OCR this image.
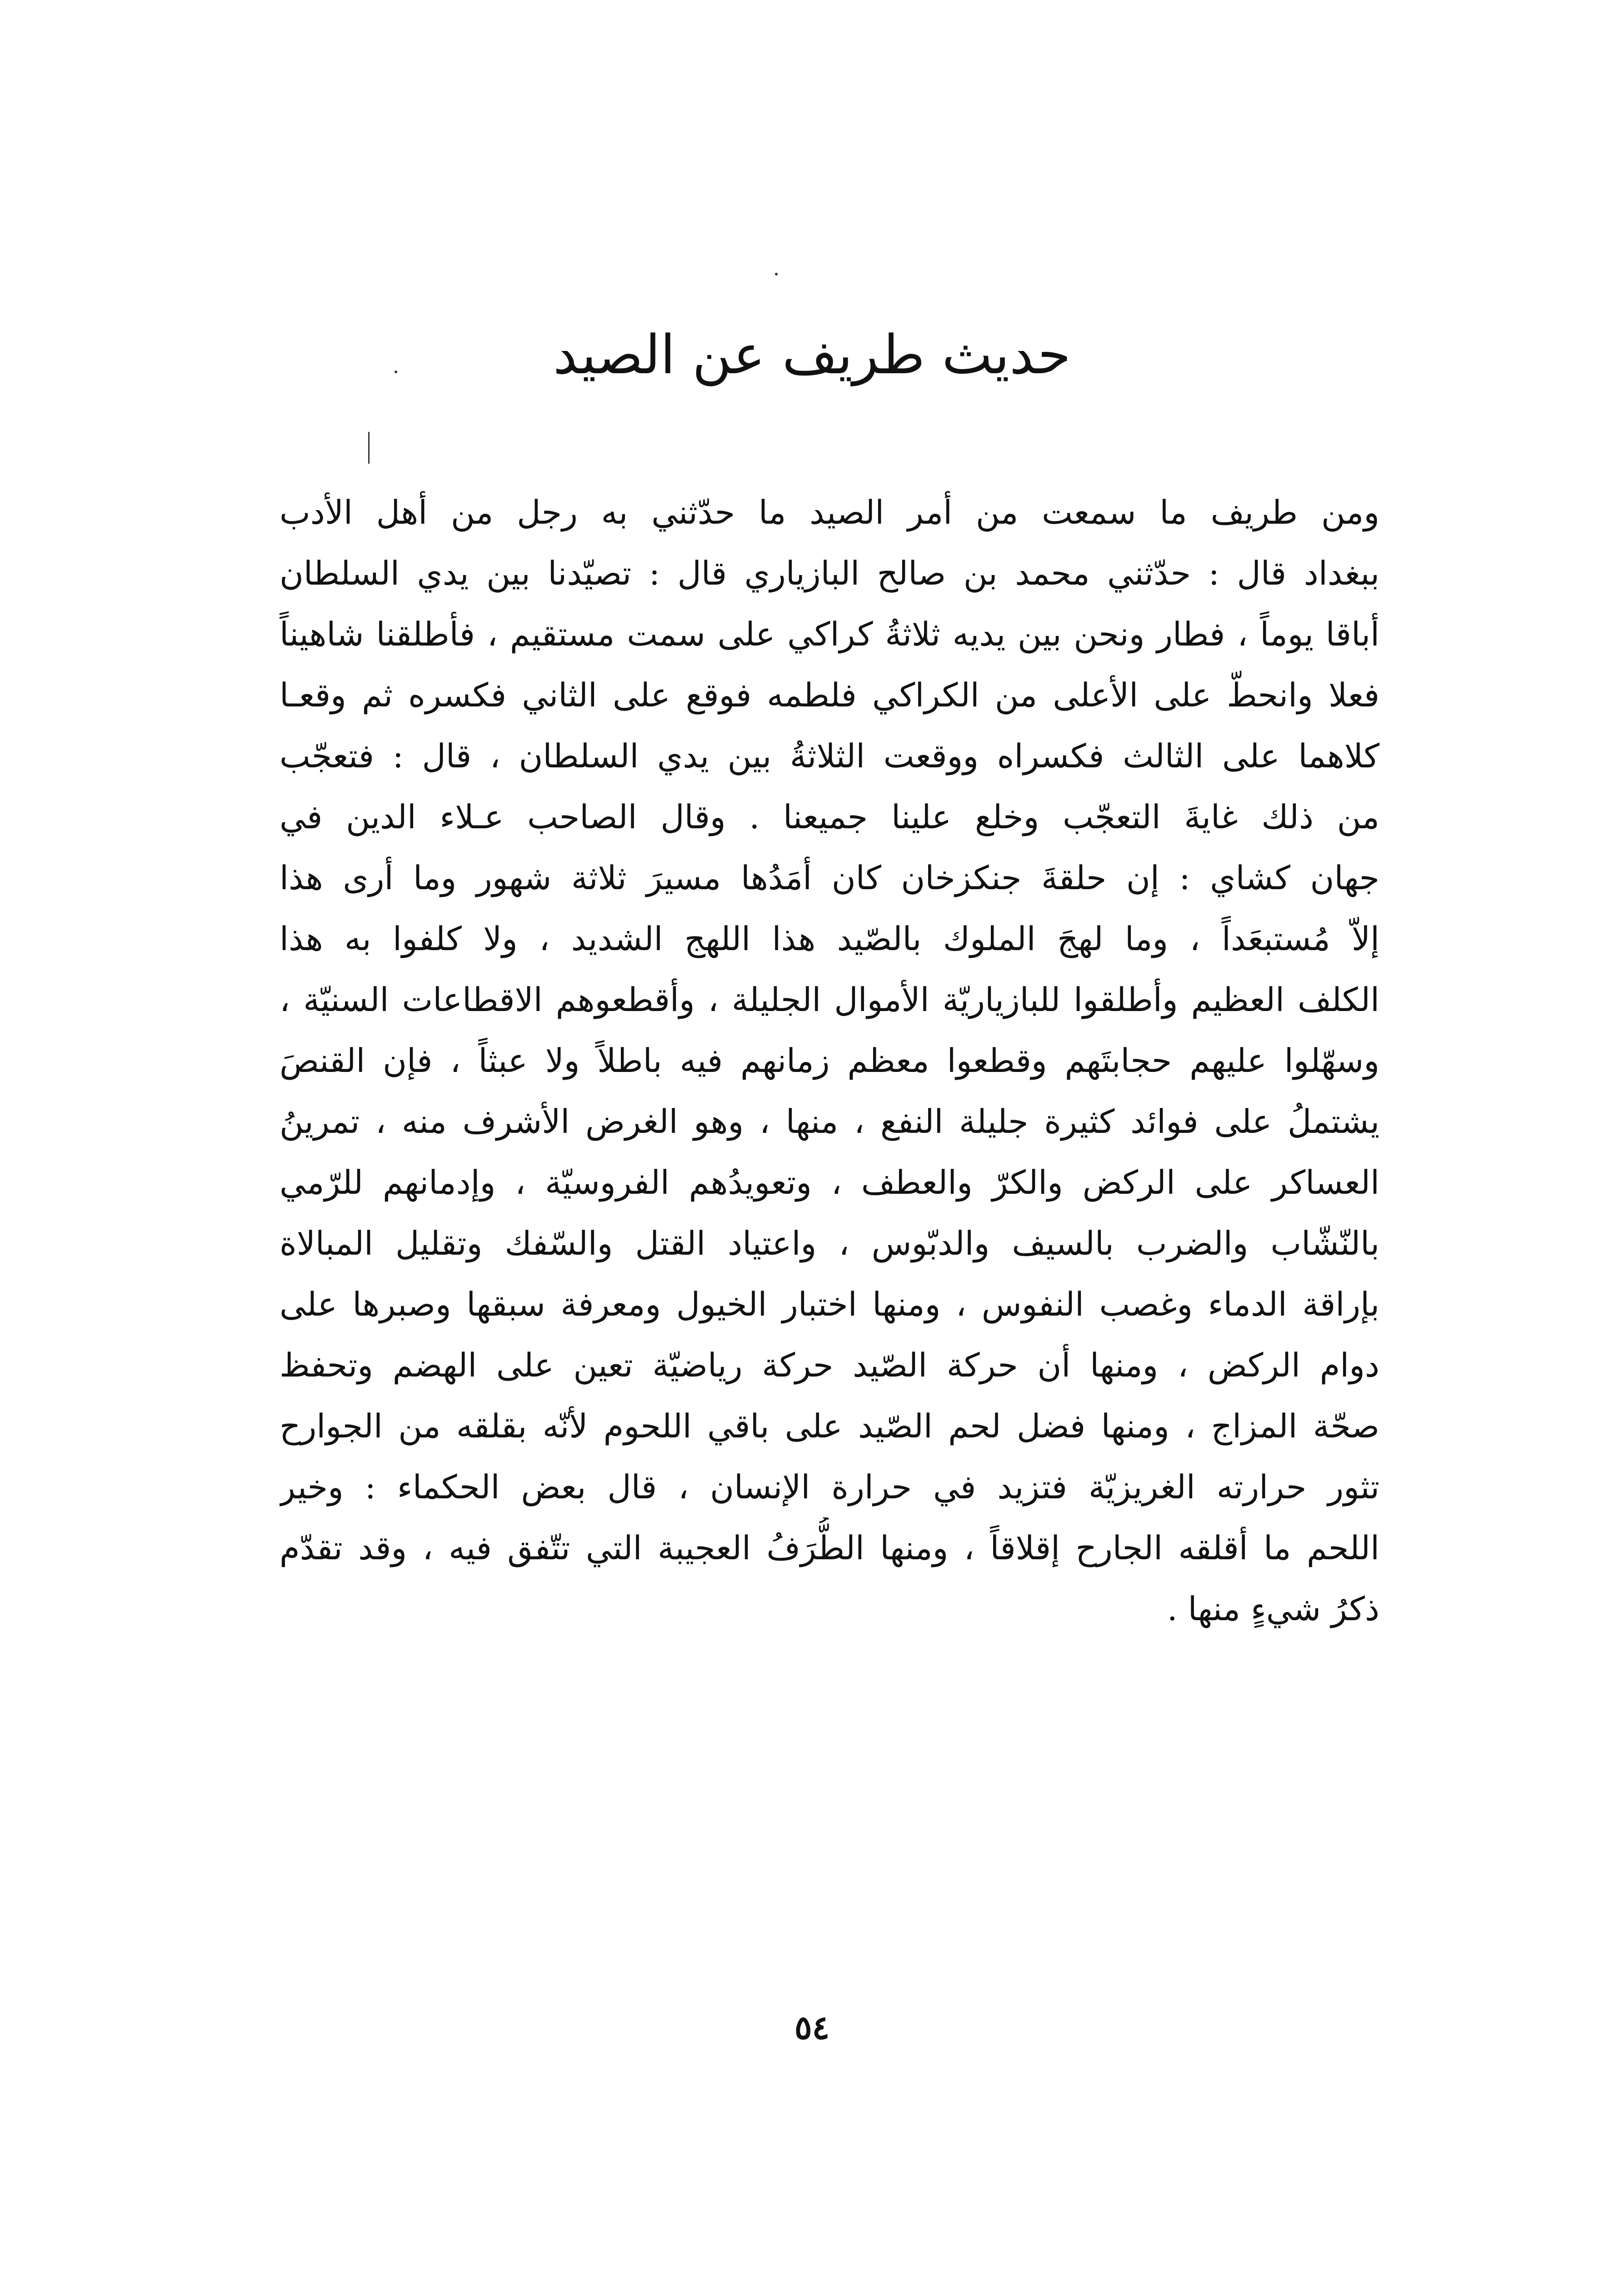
حديث طريف عن الصيد
ومن طريف ما سمعت من أمر الصيد ما حدّثني به رجل من أهل الأدب
ببغداد قال : حدّثني محمد بن صالح البازياري قال : تصيّدنا بين يدي السلطان
أباقا يوماً ، فطار ونحن بين يديه ثلاثةُ كراكي على سمت مستقيم ، فأطلقنا شاهيناً
فعلا وانحطّ على الأعلى من الكراكي فلطمه فوقع على الثاني فكسره ثم وقعـا
كلاهما على الثالث فكسراه ووقعت الثلاثةُ بين يدي السلطان ، قال : فتعجّب
من ذلك غايةَ التعجّب وخلع علينا جميعنا . وقال الصاحب عـلاء الدين في
جهان كشاي : إن حلقةَ جنكزخان كان أمَدُها مسيرَ ثلاثة شهور وما أرى هذا
إلاّ مُستبعَداً ، وما لهجَ الملوك بالصّيد هذا اللهج الشديد ، ولا كلفوا به هذا
الكلف العظيم وأطلقوا للبازياريّة الأموال الجليلة ، وأقطعوهم الاقطاعات السنيّة ،
وسهّلوا عليهم حجابتَهم وقطعوا معظم زمانهم فيه باطلاً ولا عبثاً ، فإن القنصَ
يشتملُ على فوائد كثيرة جليلة النفع ، منها ، وهو الغرض الأشرف منه ، تمرينُ
العساكر على الركض والكرّ والعطف ، وتعويدُهم الفروسيّة ، وإدمانهم للرّمي
بالنّشّاب والضرب بالسيف والدبّوس ، واعتياد القتل والسّفك وتقليل المبالاة
بإراقة الدماء وغصب النفوس ، ومنها اختبار الخيول ومعرفة سبقها وصبرها على
دوام الركض ، ومنها أن حركة الصّيد حركة رياضيّة تعين على الهضم وتحفظ
صحّة المزاج ، ومنها فضل لحم الصّيد على باقي اللحوم لأنّه بقلقه من الجوارح
تثور حرارته الغريزيّة فتزيد في حرارة الإنسان ، قال بعض الحكماء : وخير
اللحم ما أقلقه الجارح إقلاقاً ، ومنها الطُّرَفُ العجيبة التي تتّفق فيه ، وقد تقدّم
ذكرُ شيءٍ منها .
٥٤
